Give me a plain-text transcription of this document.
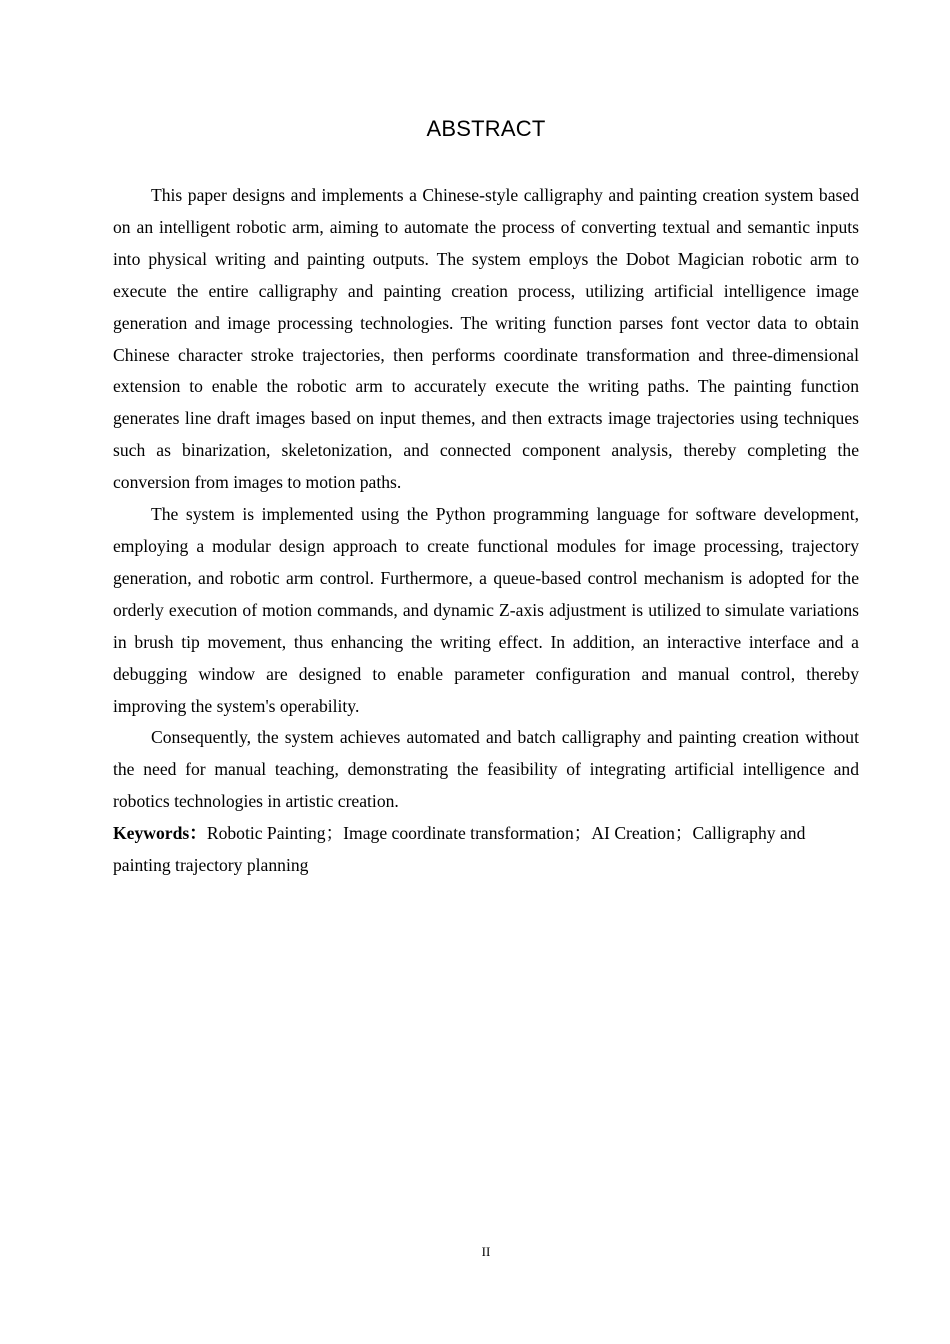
ABSTRACT

This paper designs and implements a Chinese-style calligraphy and painting creation system based on an intelligent robotic arm, aiming to automate the process of converting textual and semantic inputs into physical writing and painting outputs. The system employs the Dobot Magician robotic arm to execute the entire calligraphy and painting creation process, utilizing artificial intelligence image generation and image processing technologies. The writing function parses font vector data to obtain Chinese character stroke trajectories, then performs coordinate transformation and three-dimensional extension to enable the robotic arm to accurately execute the writing paths. The painting function generates line draft images based on input themes, and then extracts image trajectories using techniques such as binarization, skeletonization, and connected component analysis, thereby completing the conversion from images to motion paths.

The system is implemented using the Python programming language for software development, employing a modular design approach to create functional modules for image processing, trajectory generation, and robotic arm control. Furthermore, a queue-based control mechanism is adopted for the orderly execution of motion commands, and dynamic Z-axis adjustment is utilized to simulate variations in brush tip movement, thus enhancing the writing effect. In addition, an interactive interface and a debugging window are designed to enable parameter configuration and manual control, thereby improving the system's operability.

Consequently, the system achieves automated and batch calligraphy and painting creation without the need for manual teaching, demonstrating the feasibility of integrating artificial intelligence and robotics technologies in artistic creation.

Keywords：Robotic Painting；Image coordinate transformation；AI Creation；Calligraphy and painting trajectory planning

II
